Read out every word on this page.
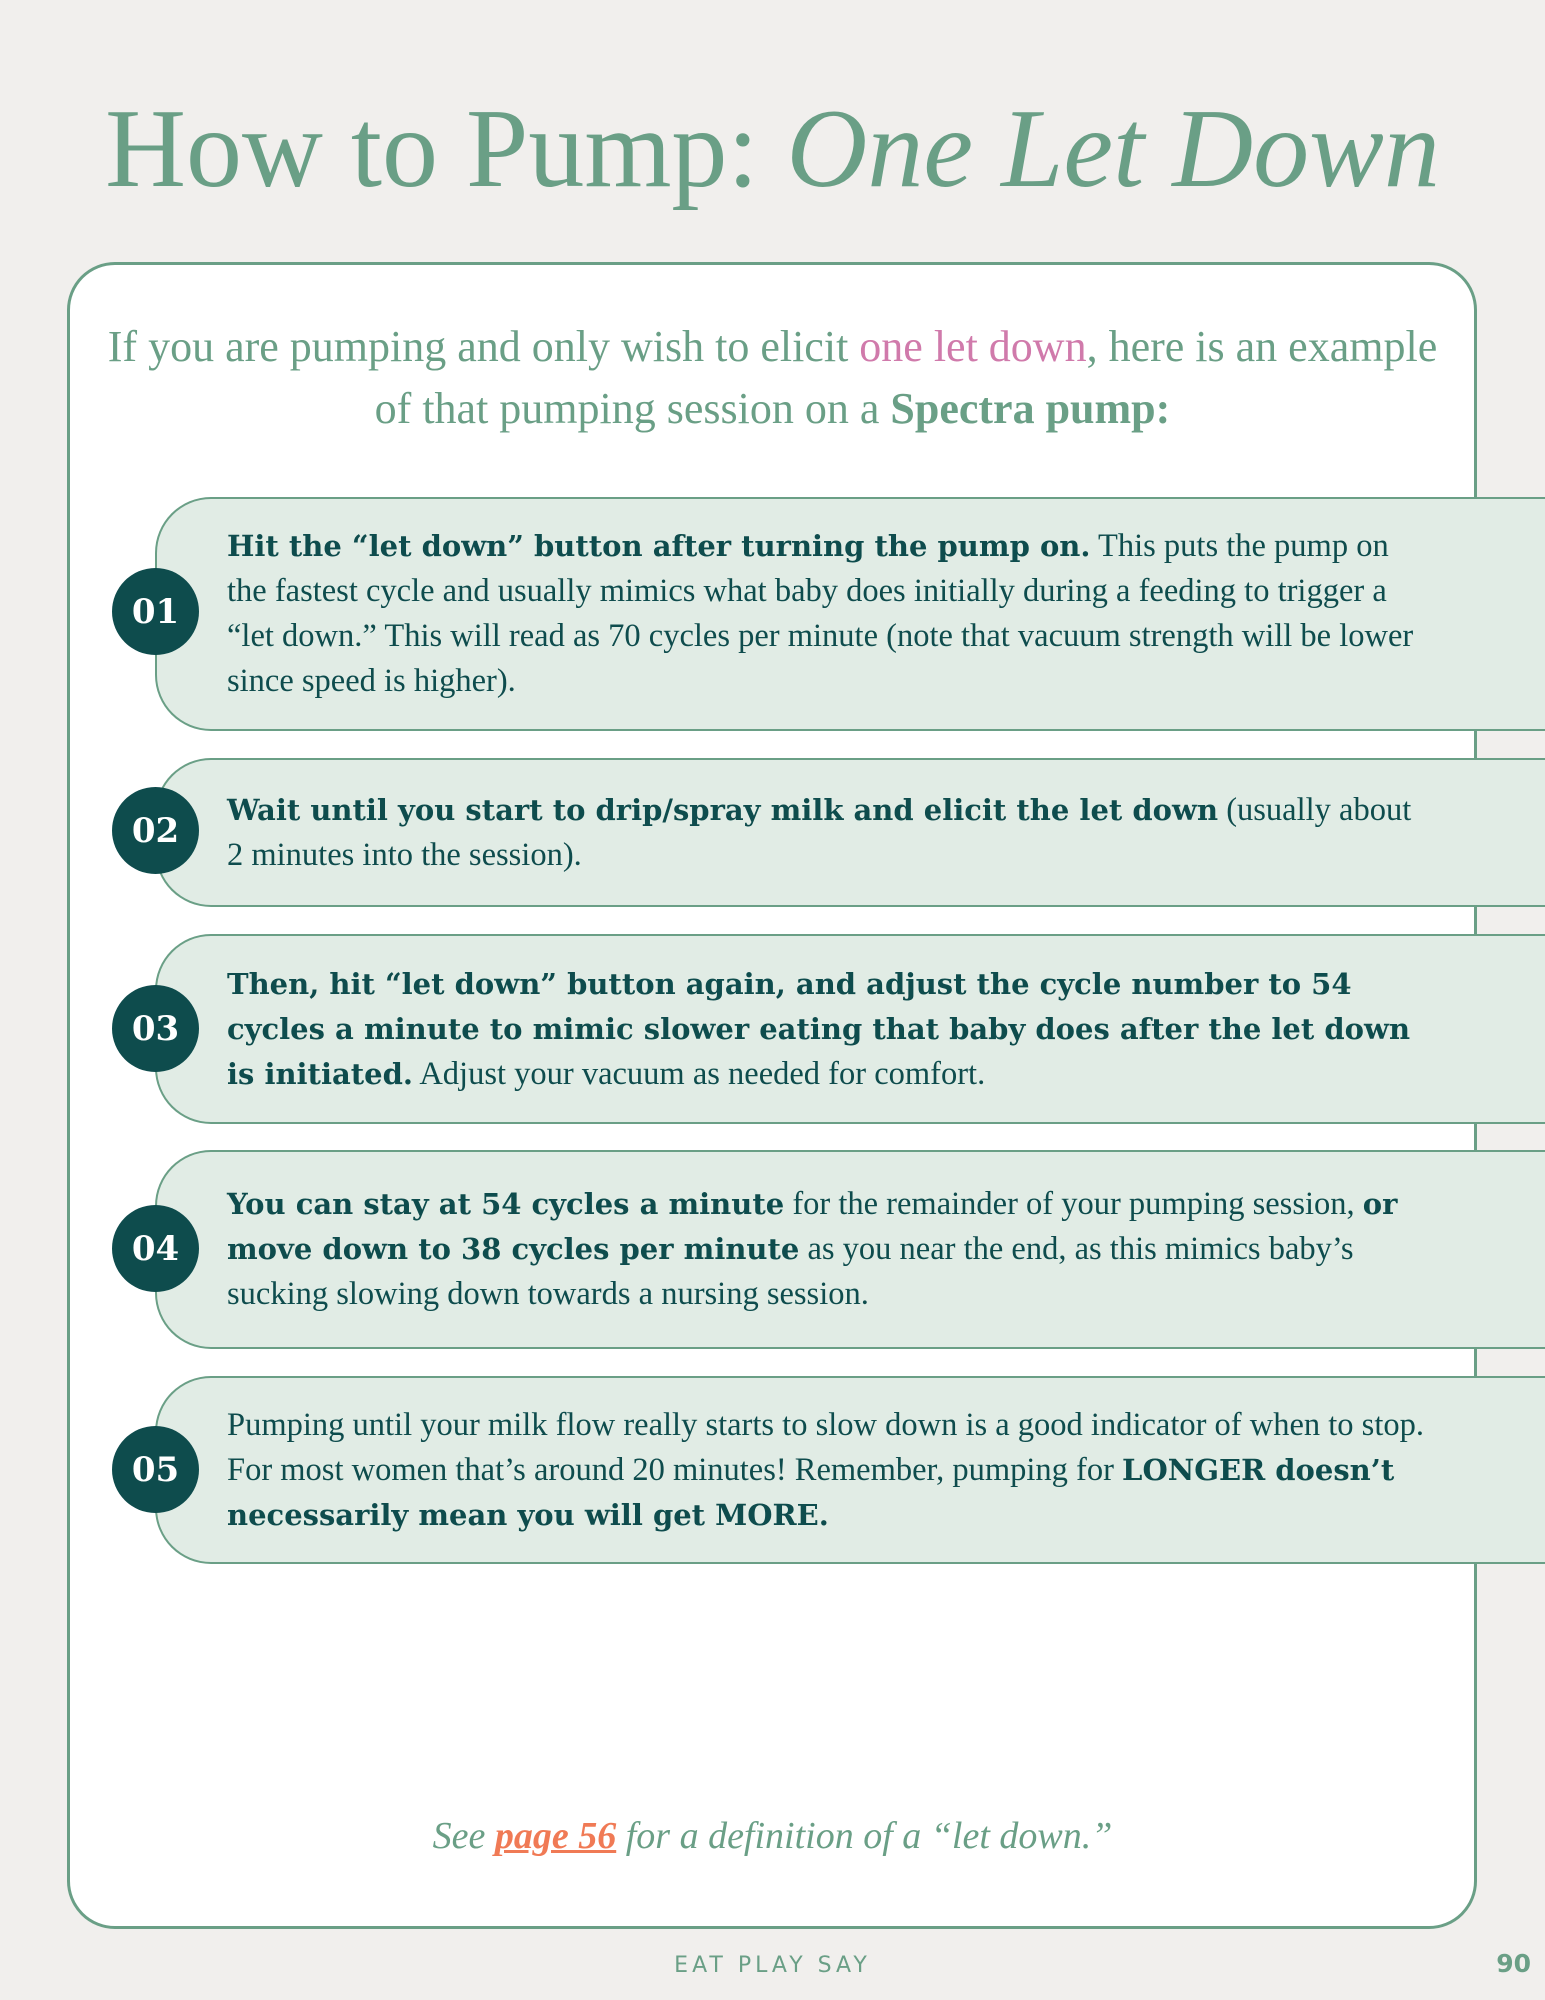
How to Pump: One Let Down

If you are pumping and only wish to elicit one let down, here is an example of that pumping session on a Spectra pump:

Hit the “let down” button after turning the pump on. This puts the pump on the fastest cycle and usually mimics what baby does initially during a feeding to trigger a “let down.” This will read as 70 cycles per minute (note that vacuum strength will be lower since speed is higher).
01
Wait until you start to drip/spray milk and elicit the let down (usually about 2 minutes into the session).
02
Then, hit “let down” button again, and adjust the cycle number to 54 cycles a minute to mimic slower eating that baby does after the let down is initiated. Adjust your vacuum as needed for comfort.
03
You can stay at 54 cycles a minute for the remainder of your pumping session, or move down to 38 cycles per minute as you near the end, as this mimics baby’s sucking slowing down towards a nursing session.
04
Pumping until your milk flow really starts to slow down is a good indicator of when to stop. For most women that’s around 20 minutes! Remember, pumping for LONGER doesn’t necessarily mean you will get MORE.
05
See page 56 for a definition of a “let down.”
EAT PLAY SAY	90
